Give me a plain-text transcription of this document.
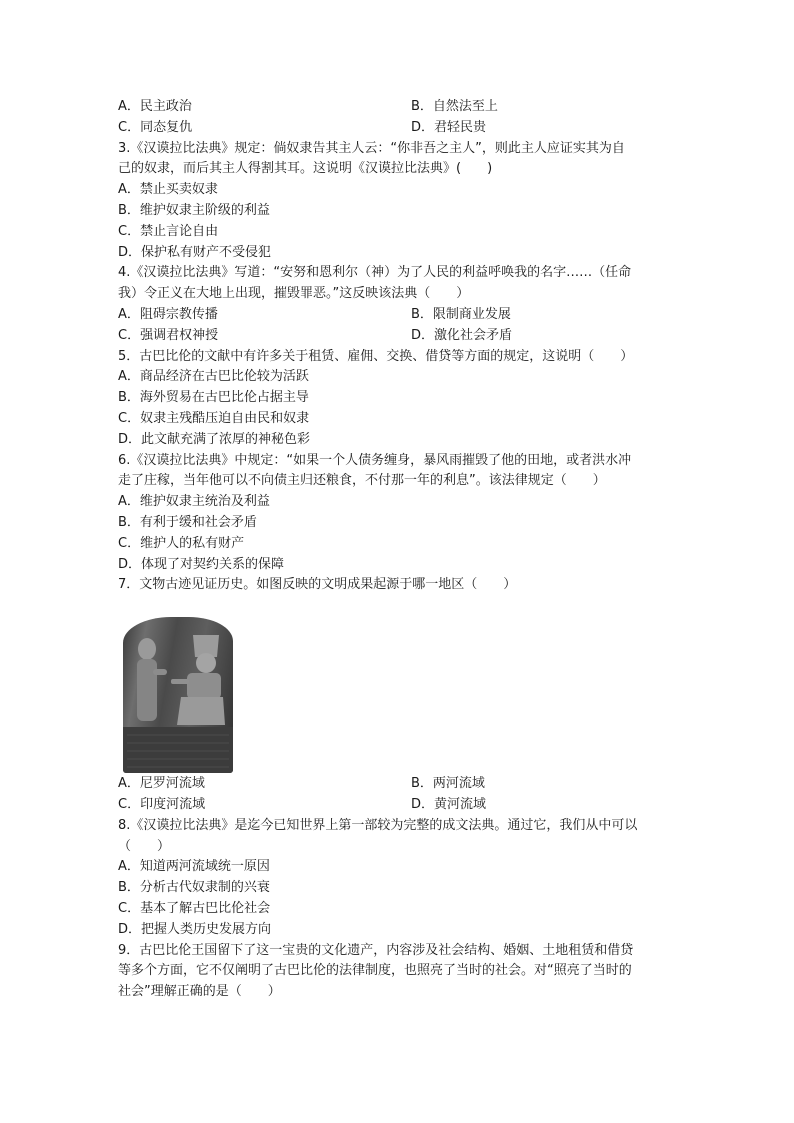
A．民主政治	B．自然法至上
C．同态复仇	D．君轻民贵
3.《汉谟拉比法典》规定：倘奴隶告其主人云：“你非吾之主人”，则此主人应证实其为自
己的奴隶，而后其主人得割其耳。这说明《汉谟拉比法典》(　　)
A．禁止买卖奴隶
B．维护奴隶主阶级的利益
C．禁止言论自由
D．保护私有财产不受侵犯
4.《汉谟拉比法典》写道：“安努和恩利尔（神）为了人民的利益呼唤我的名字……（任命
我）令正义在大地上出现，摧毁罪恶。”这反映该法典（　　）
A．阻碍宗教传播	B．限制商业发展
C．强调君权神授	D．激化社会矛盾
5．古巴比伦的文献中有许多关于租赁、雇佣、交换、借贷等方面的规定，这说明（　　）
A．商品经济在古巴比伦较为活跃
B．海外贸易在古巴比伦占据主导
C．奴隶主残酷压迫自由民和奴隶
D．此文献充满了浓厚的神秘色彩
6.《汉谟拉比法典》中规定：“如果一个人债务缠身，暴风雨摧毁了他的田地，或者洪水冲
走了庄稼，当年他可以不向债主归还粮食，不付那一年的利息”。该法律规定（　　）
A．维护奴隶主统治及利益
B．有利于缓和社会矛盾
C．维护人的私有财产
D．体现了对契约关系的保障
7．文物古迹见证历史。如图反映的文明成果起源于哪一地区（　　）
A．尼罗河流域	B．两河流域
C．印度河流域	D．黄河流域
8.《汉谟拉比法典》是迄今已知世界上第一部较为完整的成文法典。通过它，我们从中可以
（　　）
A．知道两河流域统一原因
B．分析古代奴隶制的兴衰
C．基本了解古巴比伦社会
D．把握人类历史发展方向
9．古巴比伦王国留下了这一宝贵的文化遗产，内容涉及社会结构、婚姻、土地租赁和借贷
等多个方面，它不仅阐明了古巴比伦的法律制度，也照亮了当时的社会。对“照亮了当时的
社会”理解正确的是（　　）
